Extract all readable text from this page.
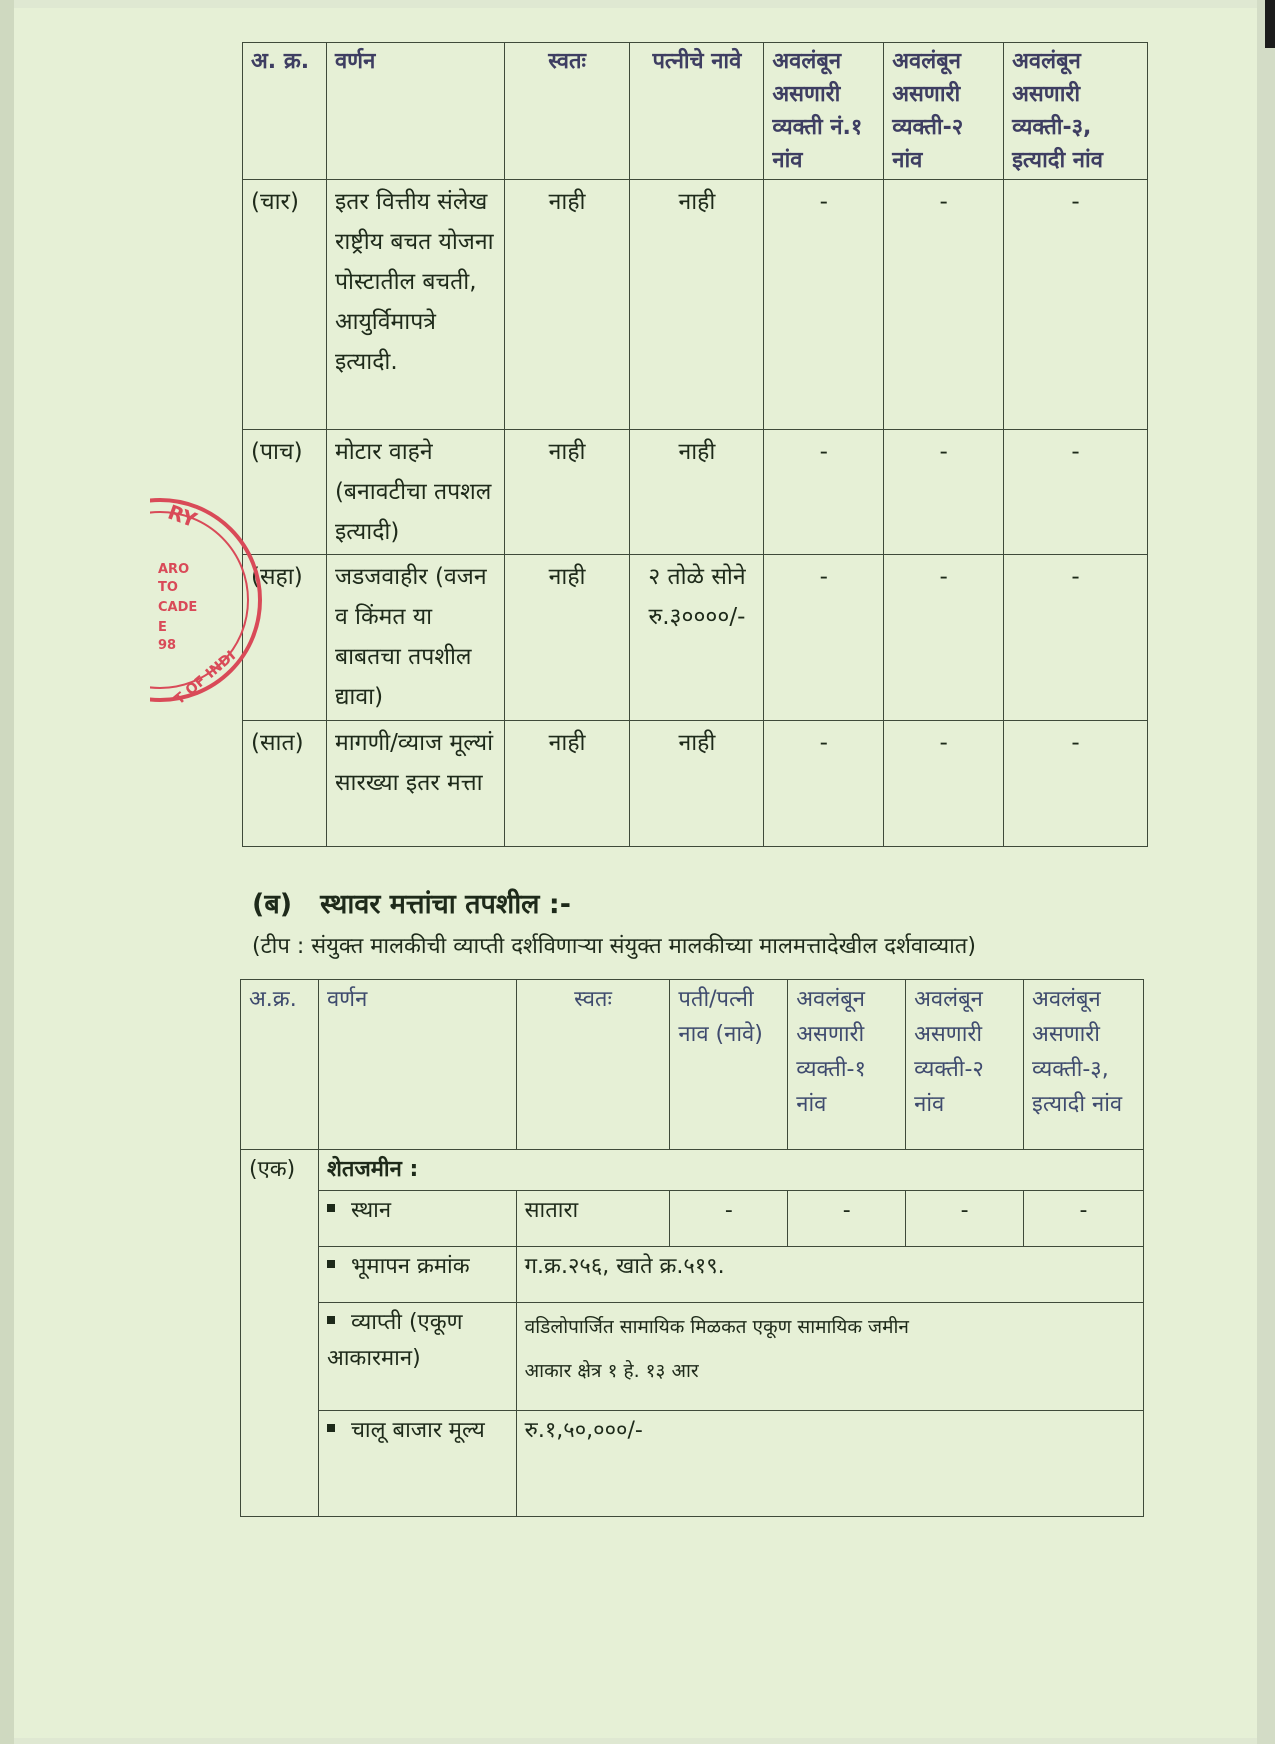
अ. क्र.	वर्णन	स्वतः	पत्नीचे नावे	अवलंबून असणारी व्यक्ती नं.१ नांव	अवलंबून असणारी व्यक्ती-२ नांव	अवलंबून असणारी व्यक्ती-३, इत्यादी नांव
(चार)	इतर वित्तीय संलेख राष्ट्रीय बचत योजना पोस्टातील बचती, आयुर्विमापत्रे इत्यादी.	नाही	नाही	-	-	-
(पाच)	मोटार वाहने (बनावटीचा तपशल इत्यादी)	नाही	नाही	-	-	-
(सहा)	जडजवाहीर (वजन व किंमत या बाबतचा तपशील द्यावा)	नाही	२ तोळे सोने रु.३००००/-	-	-	-
(सात)	मागणी/व्याज मूल्यां सारख्या इतर मत्ता	नाही	नाही	-	-	-
(ब) स्थावर मत्तांचा तपशील :-
(टीप : संयुक्त मालकीची व्याप्ती दर्शविणाऱ्या संयुक्त मालकीच्या मालमत्तादेखील दर्शवाव्यात)
अ.क्र.	वर्णन	स्वतः	पती/पत्नी नाव (नावे)	अवलंबून असणारी व्यक्ती-१ नांव	अवलंबून असणारी व्यक्ती-२ नांव	अवलंबून असणारी व्यक्ती-३, इत्यादी नांव
(एक)	शेतजमीन :					
	स्थान	सातारा	-	-	-	-
	भूमापन क्रमांक	ग.क्र.२५६, खाते क्र.५१९.				
	व्याप्ती (एकूण आकारमान)	वडिलोपार्जित सामायिक मिळकत एकूण सामायिक जमीन
आकार क्षेत्र १ हे. १३ आर				

	चालू बाजार मूल्य	रु.१,५०,०००/-				
RY
ARO
TO
CADE
E
98
T OF INDI
